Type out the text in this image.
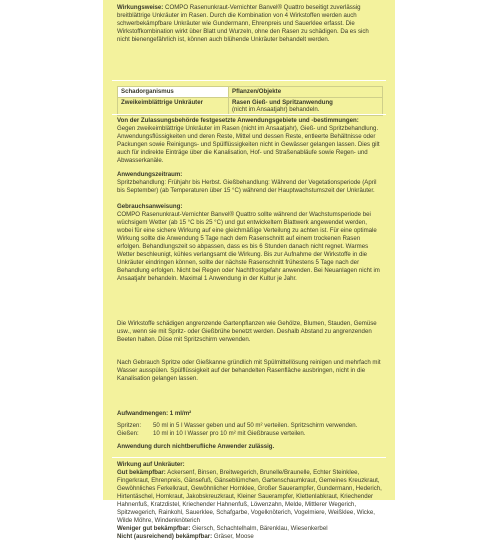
Wirkungsweise: COMPO Rasenunkraut-Vernichter Banvel® Quattro beseitigt zuverlässig breitblättrige Unkräuter im Rasen. Durch die Kombination von 4 Wirkstoffen werden auch schwerbekämpfbare Unkräuter wie Gundermann, Ehrenpreis und Sauerklee erfasst. Die Wirkstoffkombination wirkt über Blatt und Wurzeln, ohne den Rasen zu schädigen. Da es sich nicht bienengefährlich ist, können auch blühende Unkräuter behandelt werden.

Schadorganismus	Pflanzen/Objekte
Zweikeimblättrige Unkräuter	Rasen Gieß- und Spritzanwendung
(nicht im Ansaatjahr) behandeln.

Von der Zulassungsbehörde festgesetzte Anwendungsgebiete und -bestimmungen:
Gegen zweikeimblättrige Unkräuter im Rasen (nicht im Ansaatjahr), Gieß- und Spritzbehandlung. Anwendungsflüssigkeiten und deren Reste, Mittel und dessen Reste, entleerte Behältnisse oder Packungen sowie Reinigungs- und Spülflüssigkeiten nicht in Gewässer gelangen lassen. Dies gilt auch für indirekte Einträge über die Kanalisation, Hof- und Straßenabläufe sowie Regen- und Abwasserkanäle.

Anwendungszeitraum:
Spritzbehandlung: Frühjahr bis Herbst. Gießbehandlung: Während der Vegetationsperiode (April bis September) (ab Temperaturen über 15 °C) während der Hauptwachstumszeit der Unkräuter.

Gebrauchsanweisung:
COMPO Rasenunkraut-Vernichter Banvel® Quattro sollte während der Wachstumsperiode bei wüchsigem Wetter (ab 15 °C bis 25 °C) und gut entwickeltem Blattwerk angewendet werden, wobei für eine sichere Wirkung auf eine gleichmäßige Verteilung zu achten ist. Für eine optimale Wirkung sollte die Anwendung 5 Tage nach dem Rasenschnitt auf einem trockenen Rasen erfolgen. Behandlungszeit so abpassen, dass es bis 6 Stunden danach nicht regnet. Warmes Wetter beschleunigt, kühles verlangsamt die Wirkung. Bis zur Aufnahme der Wirkstoffe in die Unkräuter eindringen können, sollte der nächste Rasenschnitt frühestens 5 Tage nach der Behandlung erfolgen. Nicht bei Regen oder Nachtfrostgefahr anwenden. Bei Neuanlagen nicht im Ansaatjahr behandeln. Maximal 1 Anwendung in der Kultur je Jahr.

Die Wirkstoffe schädigen angrenzende Gartenpflanzen wie Gehölze, Blumen, Stauden, Gemüse usw., wenn sie mit Spritz- oder Gießbrühe benetzt werden. Deshalb Abstand zu angrenzenden Beeten halten. Düse mit Spritzschirm verwenden.

Nach Gebrauch Spritze oder Gießkanne gründlich mit Spülmittellösung reinigen und mehrfach mit Wasser ausspülen. Spülflüssigkeit auf der behandelten Rasenfläche ausbringen, nicht in die Kanalisation gelangen lassen.

Aufwandmengen: 1 ml/m²

Spritzen: 50 ml in 5 l Wasser geben und auf 50 m² verteilen. Spritzschirm verwenden.
Gießen: 10 ml in 10 l Wasser pro 10 m² mit Gießbrause verteilen.
Anwendung durch nichtberufliche Anwender zulässig.

Wirkung auf Unkräuter:
Gut bekämpfbar: Ackersenf, Binsen, Breitwegerich, Brunelle/Braunelle, Echter Steinklee, Fingerkraut, Ehrenpreis, Gänsefuß, Gänseblümchen, Gartenschaumkraut, Gemeines Kreuzkraut, Gewöhnliches Ferkelkraut, Gewöhnlicher Hornklee, Großer Sauerampfer, Gundermann, Hederich, Hirtentäschel, Hornkraut, Jakobskreuzkraut, Kleiner Sauerampfer, Klettenlabkraut, Kriechender Hahnenfuß, Kratzdistel, Kriechender Hahnenfuß, Löwenzahn, Melde, Mittlerer Wegerich, Spitzwegerich, Rainkohl, Sauerklee, Schafgarbe, Vogelknöterich, Vogelmiere, Weißklee, Wicke, Wilde Möhre, Windenknöterich
Weniger gut bekämpfbar: Giersch, Schachtelhalm, Bärenklau, Wiesenkerbel
Nicht (ausreichend) bekämpfbar: Gräser, Moose
